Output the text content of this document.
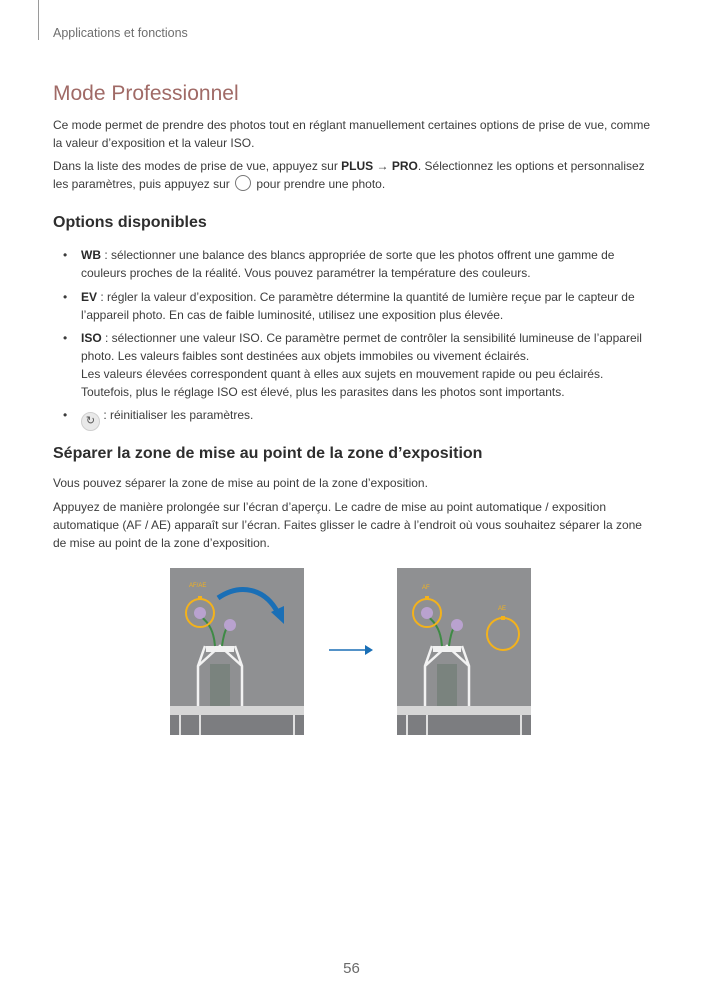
Applications et fonctions
Mode Professionnel

Ce mode permet de prendre des photos tout en réglant manuellement certaines options de prise de vue, comme la valeur d’exposition et la valeur ISO.

Dans la liste des modes de prise de vue, appuyez sur PLUS → PRO. Sélectionnez les options et personnalisez les paramètres, puis appuyez sur  pour prendre une photo.

Options disponibles
• WB : sélectionner une balance des blancs appropriée de sorte que les photos offrent une gamme de couleurs proches de la réalité. Vous pouvez paramétrer la température des couleurs.
• EV : régler la valeur d’exposition. Ce paramètre détermine la quantité de lumière reçue par le capteur de l’appareil photo. En cas de faible luminosité, utilisez une exposition plus élevée.
• ISO : sélectionner une valeur ISO. Ce paramètre permet de contrôler la sensibilité lumineuse de l’appareil photo. Les valeurs faibles sont destinées aux objets immobiles ou vivement éclairés.
Les valeurs élevées correspondent quant à elles aux sujets en mouvement rapide ou peu éclairés. Toutefois, plus le réglage ISO est élevé, plus les parasites dans les photos sont importants.
•	↻ : réinitialiser les paramètres.
Séparer la zone de mise au point de la zone d’exposition

Vous pouvez séparer la zone de mise au point de la zone d’exposition.

Appuyez de manière prolongée sur l’écran d’aperçu. Le cadre de mise au point automatique / exposition automatique (AF / AE) apparaît sur l’écran. Faites glisser le cadre à l’endroit où vous souhaitez séparer la zone de mise au point de la zone d’exposition.

AF/AE	AF
AE
56
